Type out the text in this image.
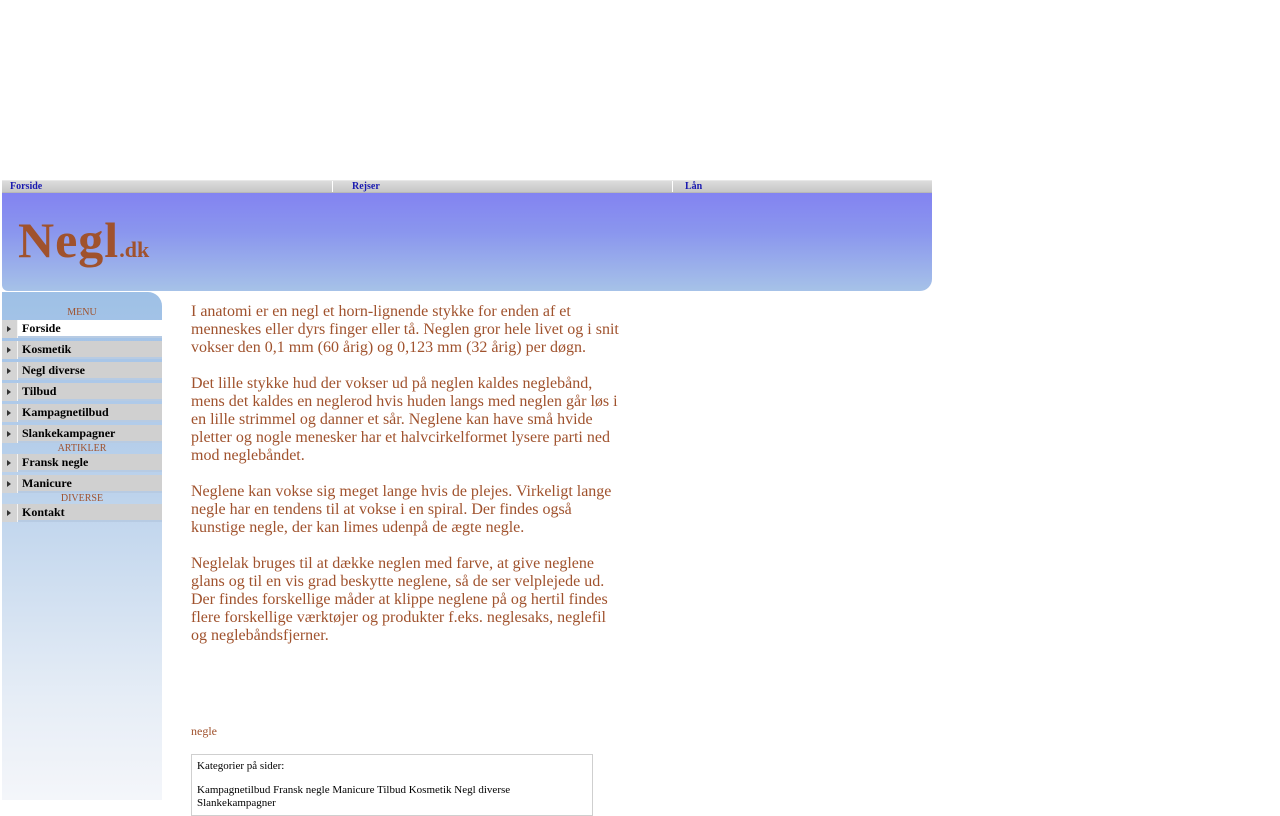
Forside	Rejser	Lån
Negl.dk
MENU
Forside
Kosmetik
Negl diverse
Tilbud
Kampagnetilbud
Slankekampagner
ARTIKLER
Fransk negle
Manicure
DIVERSE
Kontakt

I anatomi er en negl et horn-lignende stykke for enden af et menneskes eller dyrs finger eller tå. Neglen gror hele livet og i snit vokser den 0,1 mm (60 årig) og 0,123 mm (32 årig) per døgn.

Det lille stykke hud der vokser ud på neglen kaldes neglebånd, mens det kaldes en neglerod hvis huden langs med neglen går løs i en lille strimmel og danner et sår. Neglene kan have små hvide pletter og nogle menesker har et halvcirkelformet lysere parti ned mod neglebåndet.

Neglene kan vokse sig meget lange hvis de plejes. Virkeligt lange negle har en tendens til at vokse i en spiral. Der findes også kunstige negle, der kan limes udenpå de ægte negle.

Neglelak bruges til at dække neglen med farve, at give neglene glans og til en vis grad beskytte neglene, så de ser velplejede ud. Der findes forskellige måder at klippe neglene på og hertil findes flere forskellige værktøjer og produkter f.eks. neglesaks, neglefil og neglebåndsfjerner.

negle
Kategorier på sider:
Kampagnetilbud Fransk negle Manicure Tilbud Kosmetik Negl diverse
Slankekampagner
